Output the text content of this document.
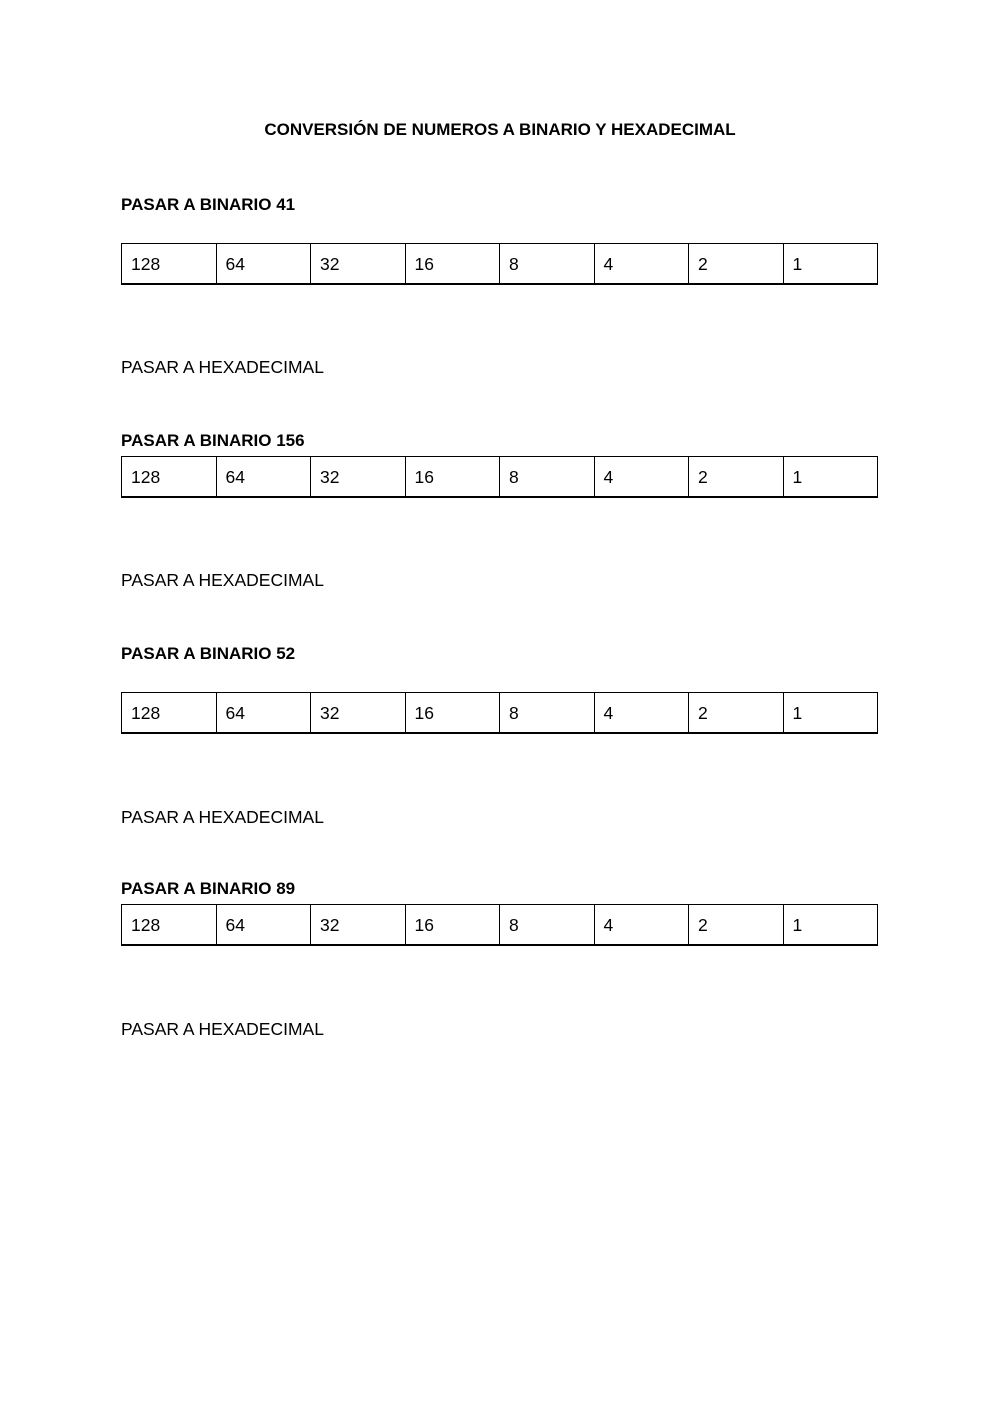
CONVERSIÓN DE NUMEROS A BINARIO Y HEXADECIMAL
PASAR A BINARIO 41
128	64	32	16	8	4	2	1
PASAR A HEXADECIMAL
PASAR A BINARIO 156
128	64	32	16	8	4	2	1
PASAR A HEXADECIMAL
PASAR A BINARIO 52
128	64	32	16	8	4	2	1
PASAR A HEXADECIMAL
PASAR A BINARIO 89
128	64	32	16	8	4	2	1
PASAR A HEXADECIMAL
